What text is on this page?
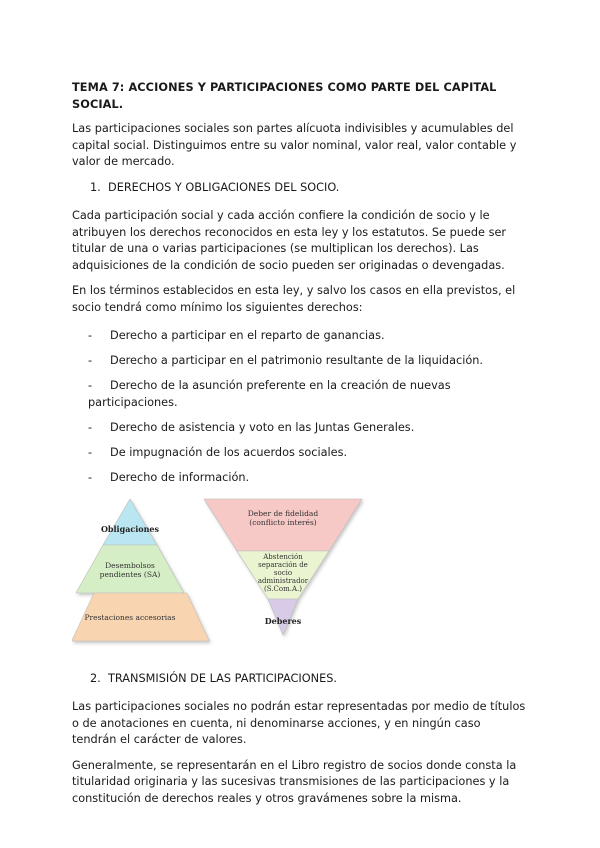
TEMA 7: ACCIONES Y PARTICIPACIONES COMO PARTE DEL CAPITAL SOCIAL.

Las participaciones sociales son partes alícuota indivisibles y acumulables del capital social. Distinguimos entre su valor nominal, valor real, valor contable y valor de mercado.

1. DERECHOS Y OBLIGACIONES DEL SOCIO.

Cada participación social y cada acción confiere la condición de socio y le atribuyen los derechos reconocidos en esta ley y los estatutos. Se puede ser titular de una o varias participaciones (se multiplican los derechos). Las adquisiciones de la condición de socio pueden ser originadas o devengadas.

En los términos establecidos en esta ley, y salvo los casos en ella previstos, el socio tendrá como mínimo los siguientes derechos:

- Derecho a participar en el reparto de ganancias.
- Derecho a participar en el patrimonio resultante de la liquidación.
- Derecho de la asunción preferente en la creación de nuevas participaciones.
- Derecho de asistencia y voto en las Juntas Generales.
- De impugnación de los acuerdos sociales.
- Derecho de información.
Obligaciones
Desembolsos
pendientes (SA)
Prestaciones accesorias
Deber de fidelidad
(conflicto interés)
Abstención
separación de
socio
administrador
(S.Com.A.)
Deberes
2. TRANSMISIÓN DE LAS PARTICIPACIONES.

Las participaciones sociales no podrán estar representadas por medio de títulos o de anotaciones en cuenta, ni denominarse acciones, y en ningún caso tendrán el carácter de valores.

Generalmente, se representarán en el Libro registro de socios donde consta la titularidad originaria y las sucesivas transmisiones de las participaciones y la constitución de derechos reales y otros gravámenes sobre la misma.
